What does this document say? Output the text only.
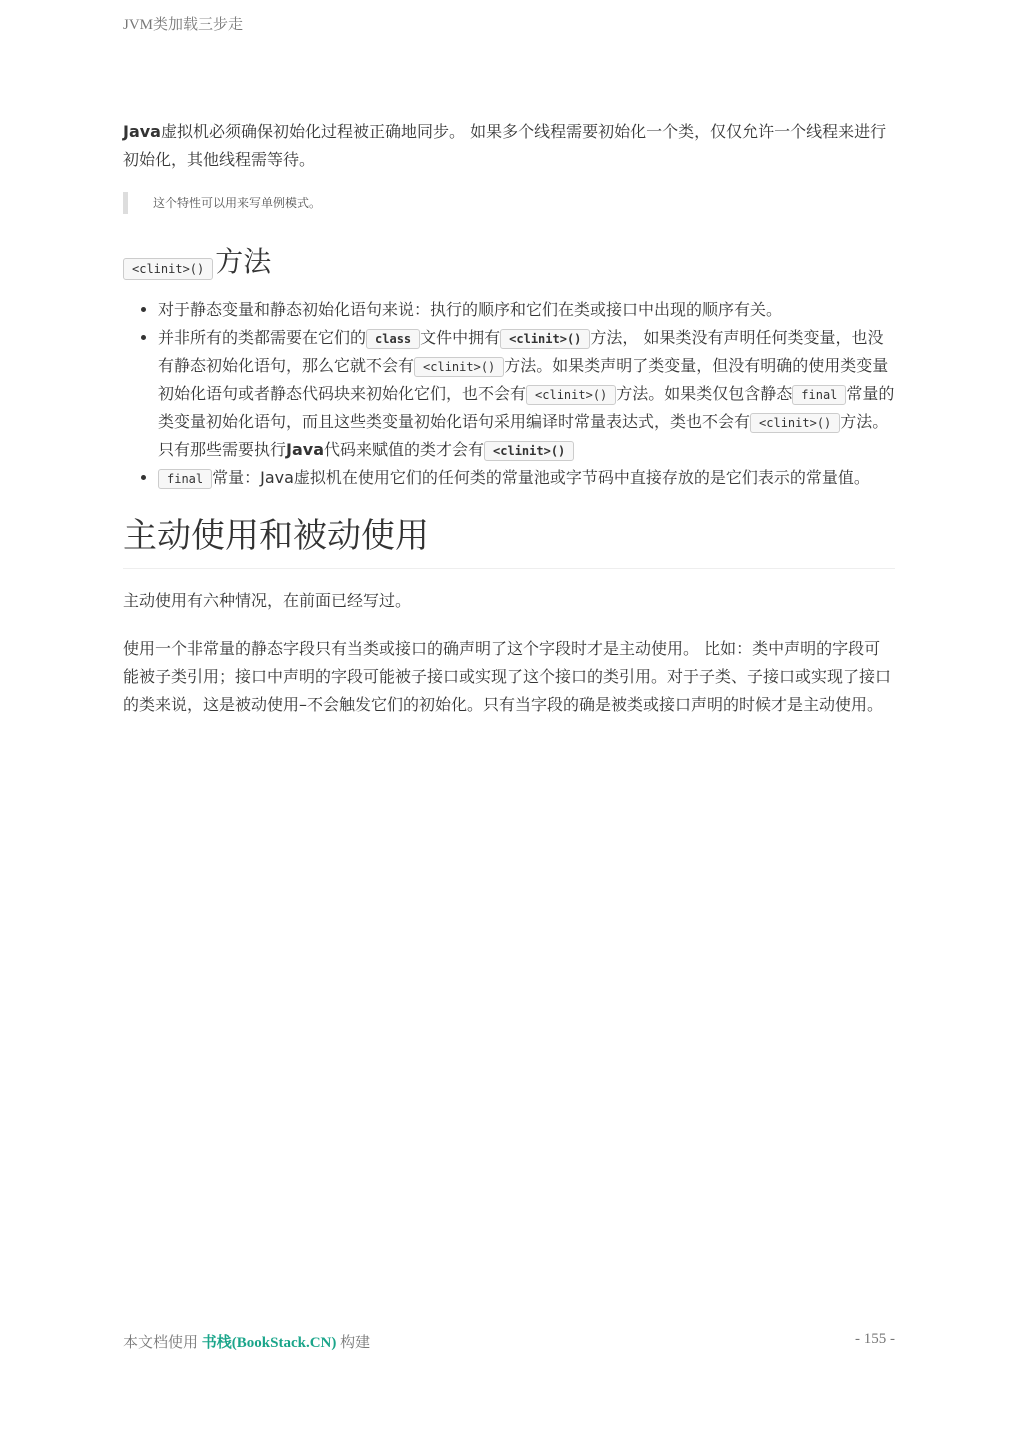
JVM类加载三步走

Java虚拟机必须确保初始化过程被正确地同步。 如果多个线程需要初始化一个类，仅仅允许一个线程来进行初始化，其他线程需等待。

这个特性可以用来写单例模式。
<clinit>() 方法
• 对于静态变量和静态初始化语句来说：执行的顺序和它们在类或接口中出现的顺序有关。
• 并非所有的类都需要在它们的 class 文件中拥有 <clinit>() 方法， 如果类没有声明任何类变量，也没有静态初始化语句，那么它就不会有 <clinit>() 方法。如果类声明了类变量，但没有明确的使用类变量初始化语句或者静态代码块来初始化它们，也不会有 <clinit>() 方法。如果类仅包含静态 final 常量的类变量初始化语句，而且这些类变量初始化语句采用编译时常量表达式，类也不会有 <clinit>() 方法。只有那些需要执行Java代码来赋值的类才会有 <clinit>()
• final 常量：Java虚拟机在使用它们的任何类的常量池或字节码中直接存放的是它们表示的常量值。
主动使用和被动使用

主动使用有六种情况，在前面已经写过。

使用一个非常量的静态字段只有当类或接口的确声明了这个字段时才是主动使用。 比如：类中声明的字段可能被子类引用；接口中声明的字段可能被子接口或实现了这个接口的类引用。对于子类、子接口或实现了接口的类来说，这是被动使用–不会触发它们的初始化。只有当字段的确是被类或接口声明的时候才是主动使用。

本文档使用 书栈(BookStack.CN) 构建	- 155 -
